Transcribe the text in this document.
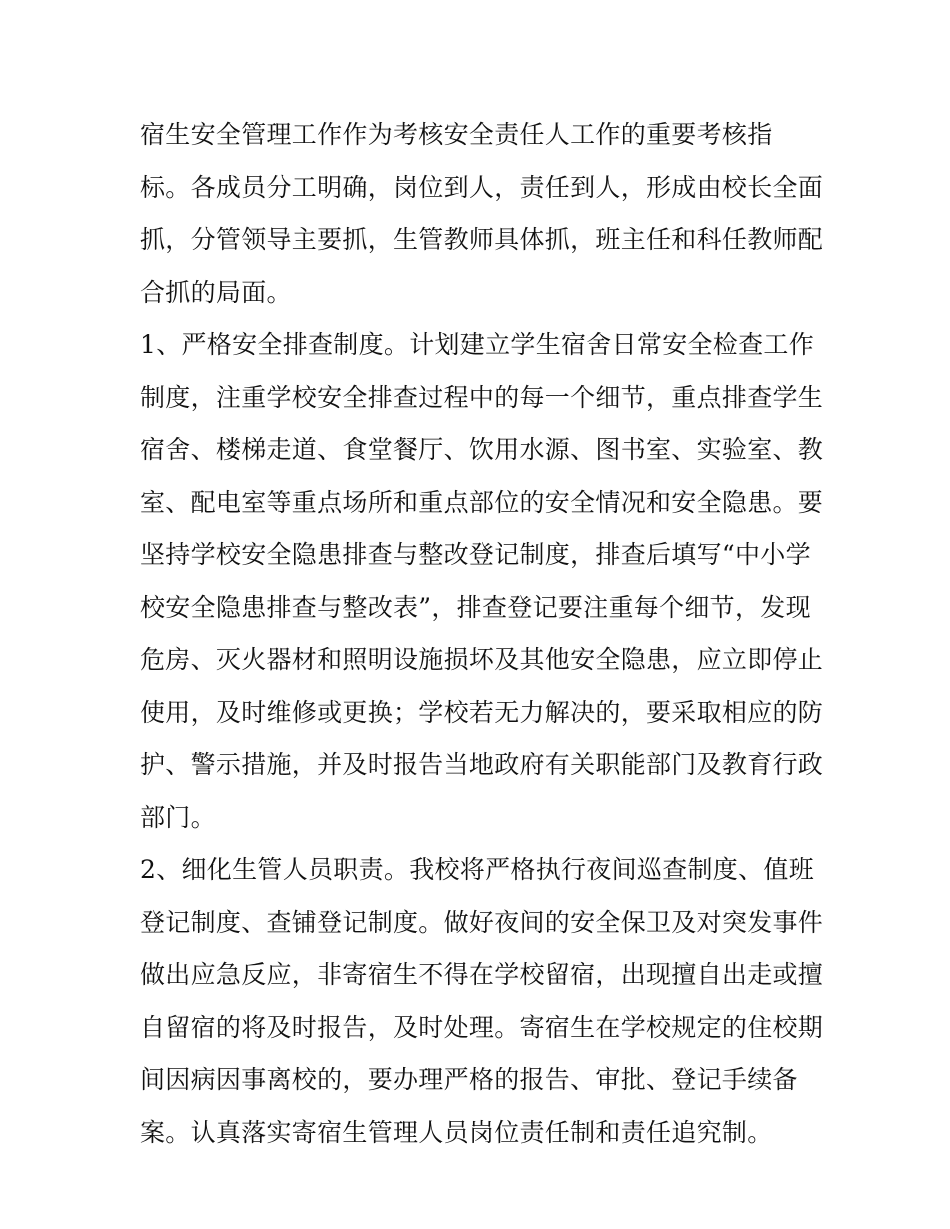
宿生安全管理工作作为考核安全责任人工作的重要考核指
标。各成员分工明确，岗位到人，责任到人，形成由校长全面
抓，分管领导主要抓，生管教师具体抓，班主任和科任教师配
合抓的局面。
1、严格安全排查制度。计划建立学生宿舍日常安全检查工作
制度，注重学校安全排查过程中的每一个细节，重点排查学生
宿舍、楼梯走道、食堂餐厅、饮用水源、图书室、实验室、教
室、配电室等重点场所和重点部位的安全情况和安全隐患。要
坚持学校安全隐患排查与整改登记制度，排查后填写“中小学
校安全隐患排查与整改表”，排查登记要注重每个细节，发现
危房、灭火器材和照明设施损坏及其他安全隐患，应立即停止
使用，及时维修或更换；学校若无力解决的，要采取相应的防
护、警示措施，并及时报告当地政府有关职能部门及教育行政
部门。
2、细化生管人员职责。我校将严格执行夜间巡查制度、值班
登记制度、查铺登记制度。做好夜间的安全保卫及对突发事件
做出应急反应，非寄宿生不得在学校留宿，出现擅自出走或擅
自留宿的将及时报告，及时处理。寄宿生在学校规定的住校期
间因病因事离校的，要办理严格的报告、审批、登记手续备
案。认真落实寄宿生管理人员岗位责任制和责任追究制。
